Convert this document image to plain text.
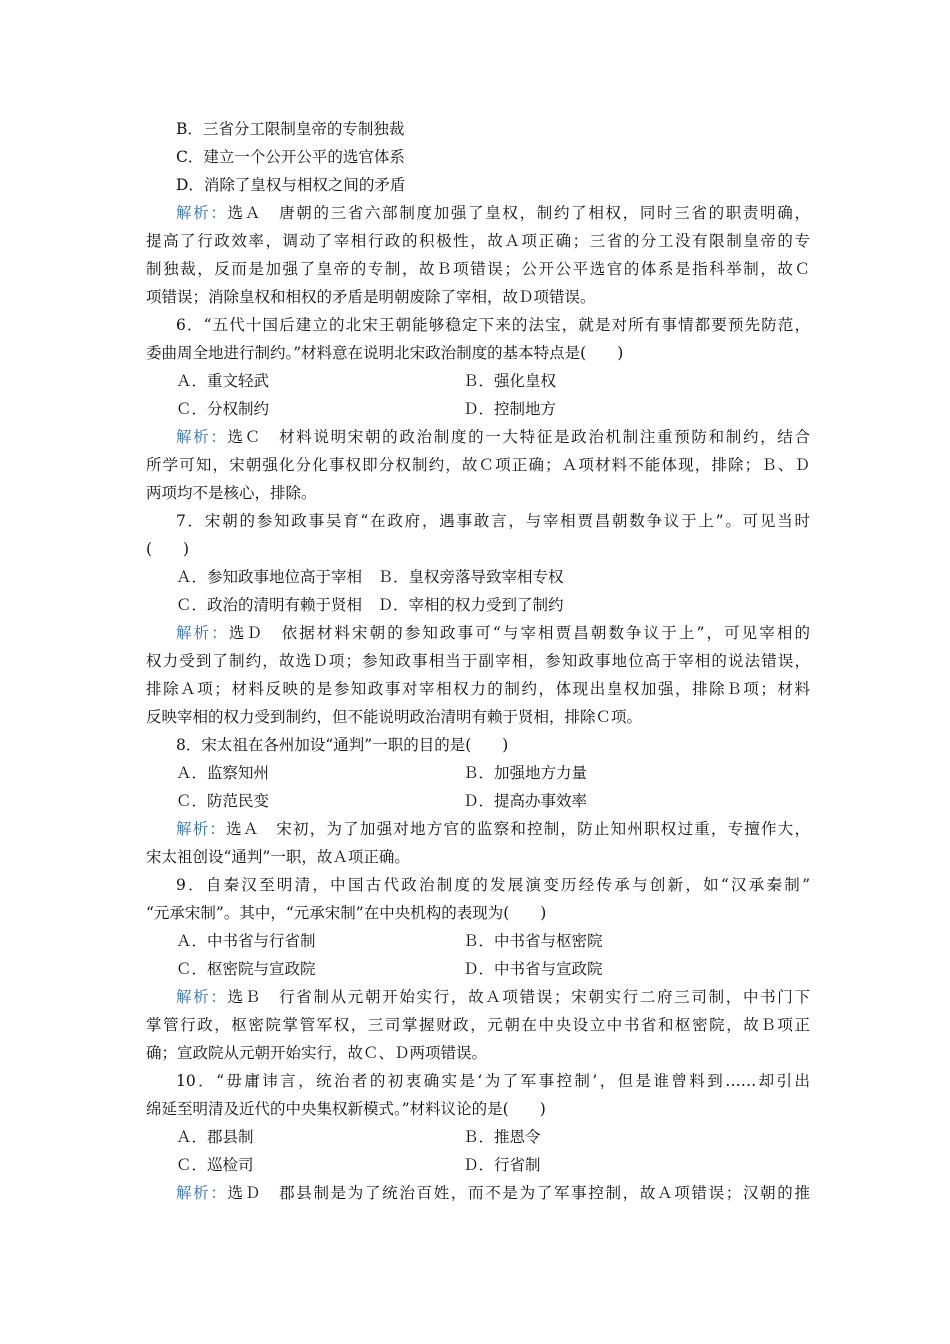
B．三省分工限制皇帝的专制独裁
C．建立一个公开公平的选官体系
D．消除了皇权与相权之间的矛盾
解析：选Ａ　唐朝的三省六部制度加强了皇权，制约了相权，同时三省的职责明确，
提高了行政效率，调动了宰相行政的积极性，故Ａ项正确；三省的分工没有限制皇帝的专
制独裁，反而是加强了皇帝的专制，故Ｂ项错误；公开公平选官的体系是指科举制，故Ｃ
项错误；消除皇权和相权的矛盾是明朝废除了宰相，故Ｄ项错误。
6．“五代十国后建立的北宋王朝能够稳定下来的法宝，就是对所有事情都要预先防范，
委曲周全地进行制约。”材料意在说明北宋政治制度的基本特点是(　　)
Ａ．重文轻武	Ｂ．强化皇权
Ｃ．分权制约	Ｄ．控制地方
解析：选Ｃ　材料说明宋朝的政治制度的一大特征是政治机制注重预防和制约，结合
所学可知，宋朝强化分化事权即分权制约，故Ｃ项正确；Ａ项材料不能体现，排除；Ｂ、Ｄ
两项均不是核心，排除。
7．宋朝的参知政事吴育“在政府，遇事敢言，与宰相贾昌朝数争议于上”。可见当时
(　　)
Ａ．参知政事地位高于宰相　Ｂ．皇权旁落导致宰相专权
Ｃ．政治的清明有赖于贤相　Ｄ．宰相的权力受到了制约
解析：选Ｄ　依据材料宋朝的参知政事可“与宰相贾昌朝数争议于上”，可见宰相的
权力受到了制约，故选Ｄ项；参知政事相当于副宰相，参知政事地位高于宰相的说法错误，
排除Ａ项；材料反映的是参知政事对宰相权力的制约，体现出皇权加强，排除Ｂ项；材料
反映宰相的权力受到制约，但不能说明政治清明有赖于贤相，排除Ｃ项。
8．宋太祖在各州加设“通判”一职的目的是(　　)
Ａ．监察知州	Ｂ．加强地方力量
Ｃ．防范民变	Ｄ．提高办事效率
解析：选Ａ　宋初，为了加强对地方官的监察和控制，防止知州职权过重，专擅作大，
宋太祖创设“通判”一职，故Ａ项正确。
9．自秦汉至明清，中国古代政治制度的发展演变历经传承与创新，如“汉承秦制”
“元承宋制”。其中，“元承宋制”在中央机构的表现为(　　)
Ａ．中书省与行省制	Ｂ．中书省与枢密院
Ｃ．枢密院与宣政院	Ｄ．中书省与宣政院
解析：选Ｂ　行省制从元朝开始实行，故Ａ项错误；宋朝实行二府三司制，中书门下
掌管行政，枢密院掌管军权，三司掌握财政，元朝在中央设立中书省和枢密院，故Ｂ项正
确；宣政院从元朝开始实行，故Ｃ、Ｄ两项错误。
10．“毋庸讳言，统治者的初衷确实是‘为了军事控制’，但是谁曾料到……却引出
绵延至明清及近代的中央集权新模式。”材料议论的是(　　)
Ａ．郡县制	Ｂ．推恩令
Ｃ．巡检司	Ｄ．行省制
解析：选Ｄ　郡县制是为了统治百姓，而不是为了军事控制，故Ａ项错误；汉朝的推
